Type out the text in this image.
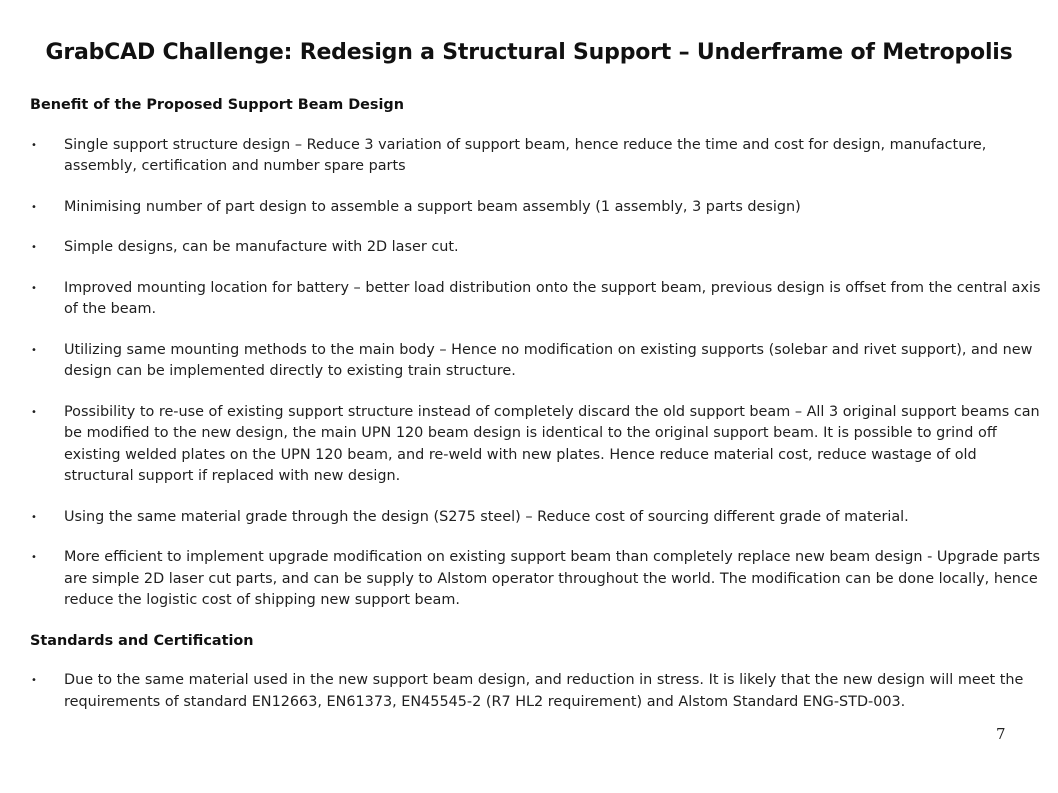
GrabCAD Challenge: Redesign a Structural Support – Underframe of Metropolis
Benefit of the Proposed Support Beam Design
• Single support structure design – Reduce 3 variation of support beam, hence reduce the time and cost for design, manufacture, assembly, certification and number spare parts
• Minimising number of part design to assemble a support beam assembly (1 assembly, 3 parts design)
• Simple designs, can be manufacture with 2D laser cut.
• Improved mounting location for battery – better load distribution onto the support beam, previous design is offset from the central axis of the beam.
• Utilizing same mounting methods to the main body – Hence no modification on existing supports (solebar and rivet support), and new design can be implemented directly to existing train structure.
• Possibility to re-use of existing support structure instead of completely discard the old support beam – All 3 original support beams can be modified to the new design, the main UPN 120 beam design is identical to the original support beam. It is possible to grind off existing welded plates on the UPN 120 beam, and re-weld with new plates. Hence reduce material cost, reduce wastage of old structural support if replaced with new design.
• Using the same material grade through the design (S275 steel) – Reduce cost of sourcing different grade of material.
• More efficient to implement upgrade modification on existing support beam than completely replace new beam design - Upgrade parts are simple 2D laser cut parts, and can be supply to Alstom operator throughout the world. The modification can be done locally, hence reduce the logistic cost of shipping new support beam.
Standards and Certification
• Due to the same material used in the new support beam design, and reduction in stress. It is likely that the new design will meet the requirements of standard EN12663, EN61373, EN45545-2 (R7 HL2 requirement) and Alstom Standard ENG-STD-003.
7
